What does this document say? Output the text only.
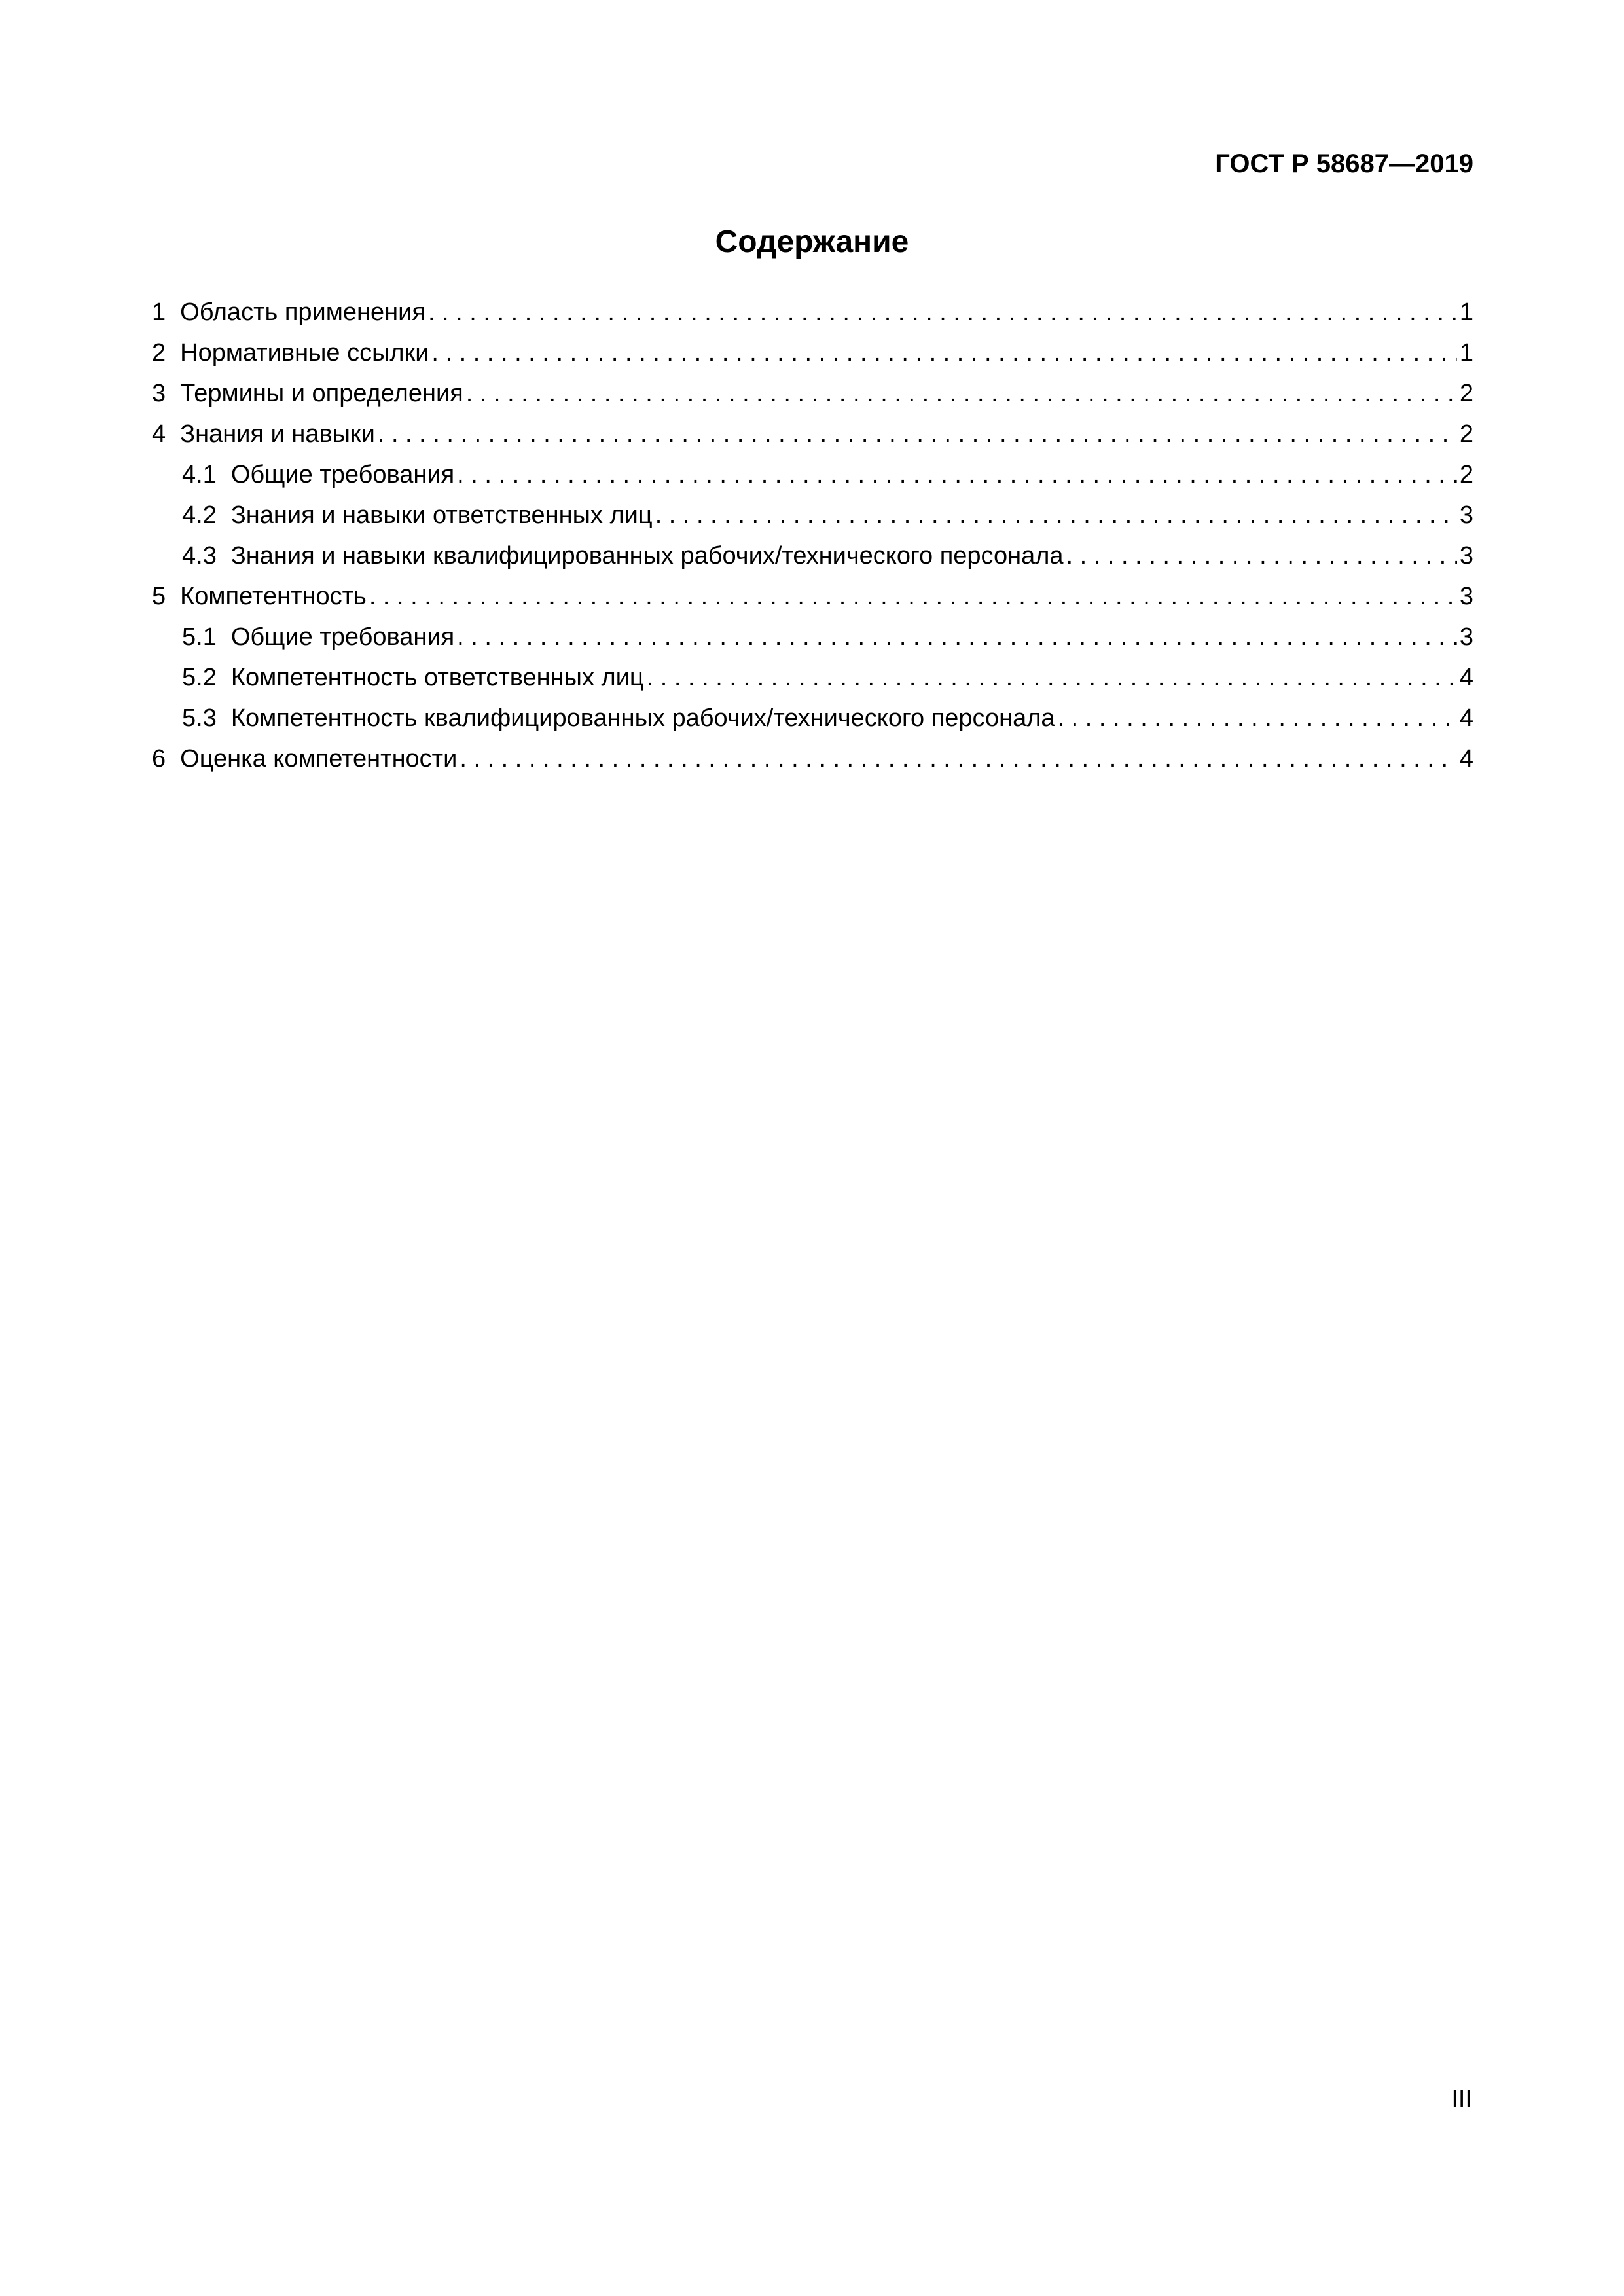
ГОСТ Р 58687—2019
Содержание
1 Область применения . . .	1
2 Нормативные ссылки . . .	1
3 Термины и определения . . .	2
4 Знания и навыки . . .	2
4.1 Общие требования . . .	2
4.2 Знания и навыки ответственных лиц . . .	3
4.3 Знания и навыки квалифицированных рабочих/технического персонала . . .	3
5 Компетентность . . .	3
5.1 Общие требования . . .	3
5.2 Компетентность ответственных лиц . . .	4
5.3 Компетентность квалифицированных рабочих/технического персонала . . .	4
6 Оценка компетентности . . .	4
III
